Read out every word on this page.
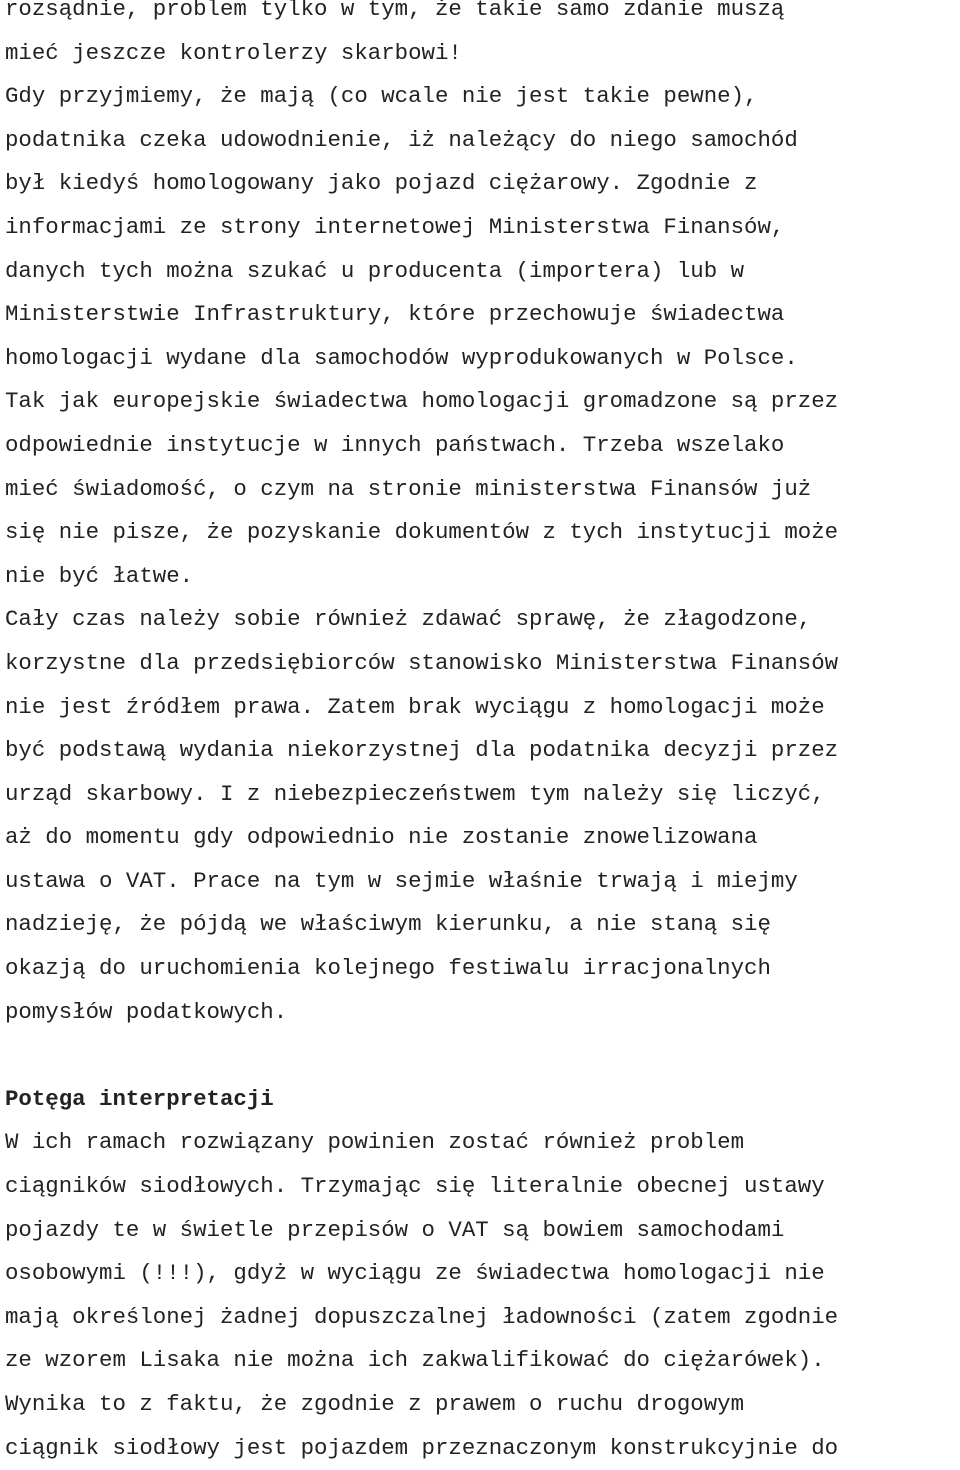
rozsądnie, problem tylko w tym, że takie samo zdanie muszą
mieć jeszcze kontrolerzy skarbowi!
Gdy przyjmiemy, że mają (co wcale nie jest takie pewne),
podatnika czeka udowodnienie, iż należący do niego samochód
był kiedyś homologowany jako pojazd ciężarowy. Zgodnie z
informacjami ze strony internetowej Ministerstwa Finansów,
danych tych można szukać u producenta (importera) lub w
Ministerstwie Infrastruktury, które przechowuje świadectwa
homologacji wydane dla samochodów wyprodukowanych w Polsce.
Tak jak europejskie świadectwa homologacji gromadzone są przez
odpowiednie instytucje w innych państwach. Trzeba wszelako
mieć świadomość, o czym na stronie ministerstwa Finansów już
się nie pisze, że pozyskanie dokumentów z tych instytucji może
nie być łatwe.
Cały czas należy sobie również zdawać sprawę, że złagodzone,
korzystne dla przedsiębiorców stanowisko Ministerstwa Finansów
nie jest źródłem prawa. Zatem brak wyciągu z homologacji może
być podstawą wydania niekorzystnej dla podatnika decyzji przez
urząd skarbowy. I z niebezpieczeństwem tym należy się liczyć,
aż do momentu gdy odpowiednio nie zostanie znowelizowana
ustawa o VAT. Prace na tym w sejmie właśnie trwają i miejmy
nadzieję, że pójdą we właściwym kierunku, a nie staną się
okazją do uruchomienia kolejnego festiwalu irracjonalnych
pomysłów podatkowych.
Potęga interpretacji
W ich ramach rozwiązany powinien zostać również problem
ciągników siodłowych. Trzymając się literalnie obecnej ustawy
pojazdy te w świetle przepisów o VAT są bowiem samochodami
osobowymi (!!!), gdyż w wyciągu ze świadectwa homologacji nie
mają określonej żadnej dopuszczalnej ładowności (zatem zgodnie
ze wzorem Lisaka nie można ich zakwalifikować do ciężarówek).
Wynika to z faktu, że zgodnie z prawem o ruchu drogowym
ciągnik siodłowy jest pojazdem przeznaczonym konstrukcyjnie do
